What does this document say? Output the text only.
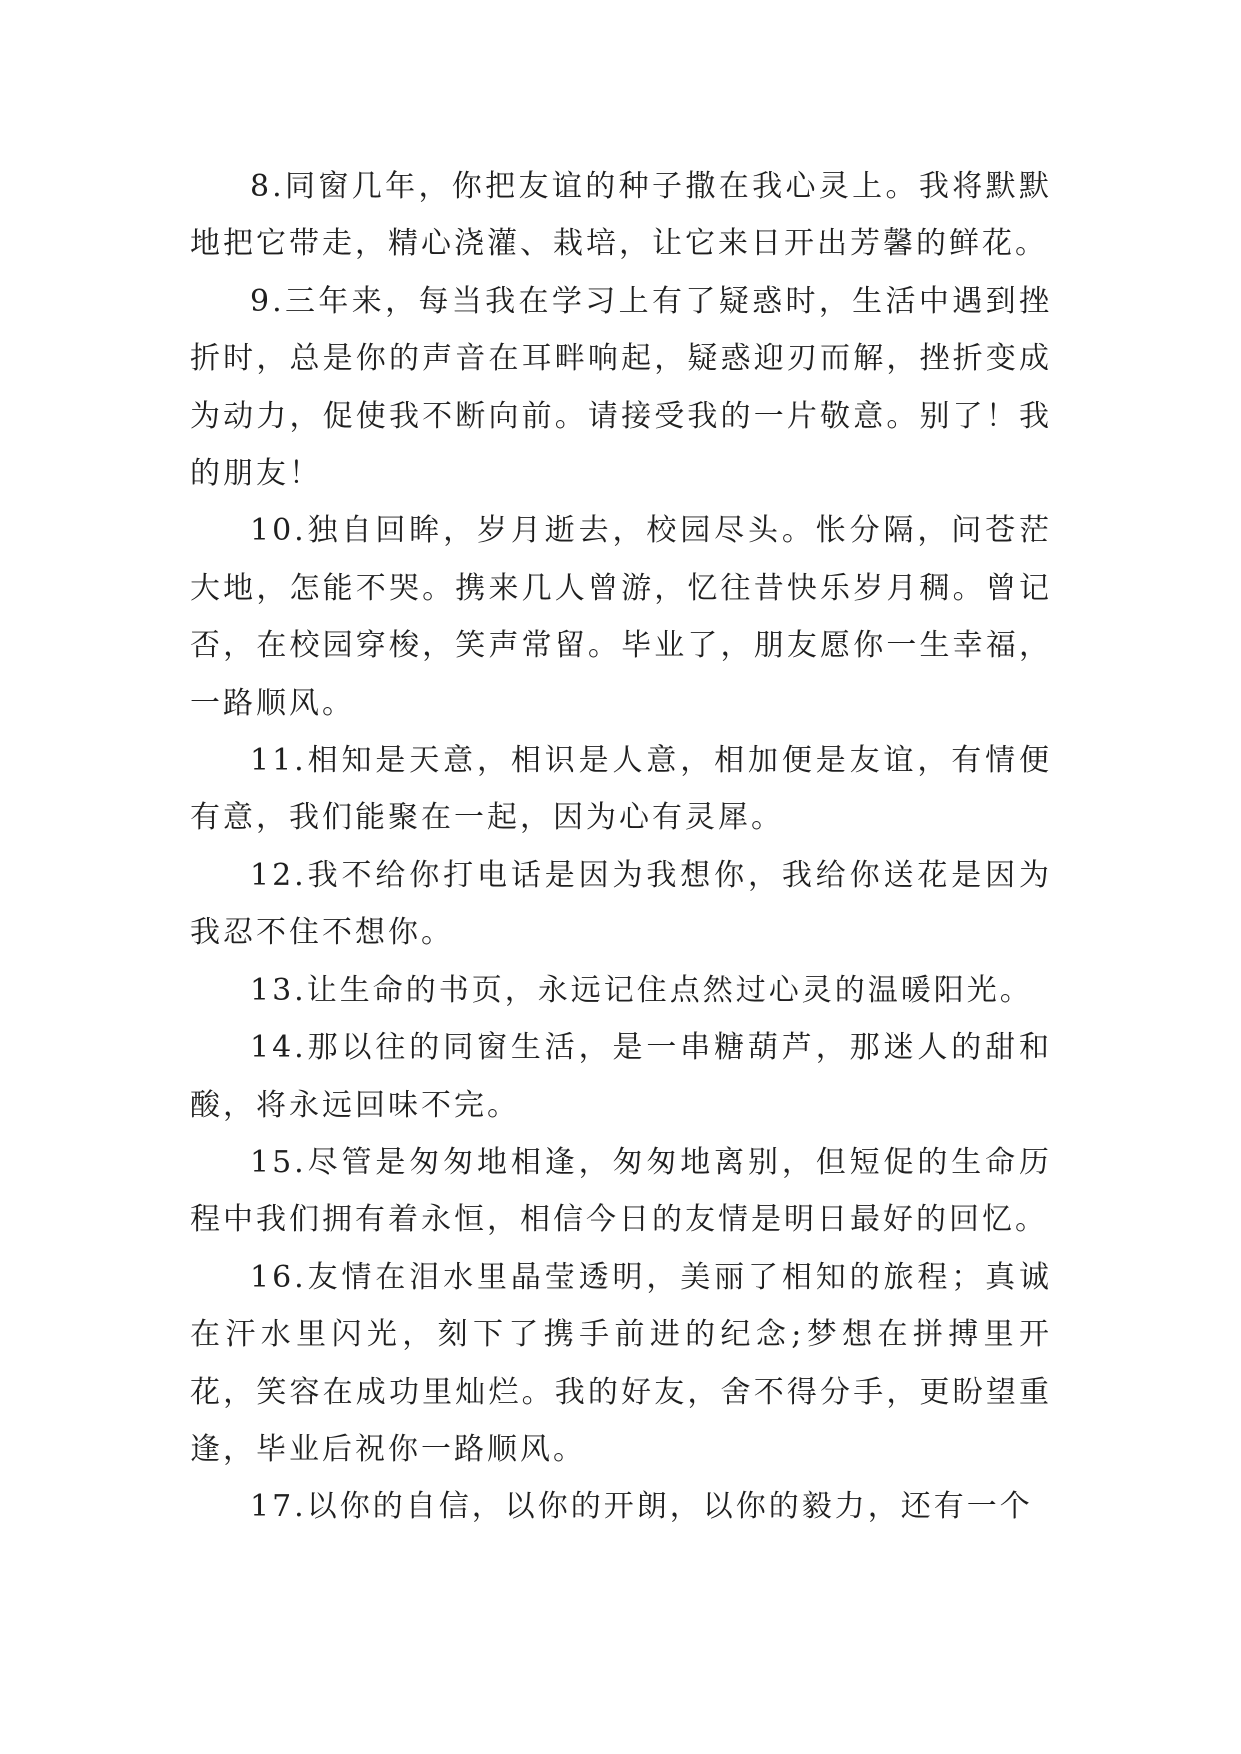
8.同窗几年，你把友谊的种子撒在我心灵上。我将默默地把它带走，精心浇灌、栽培，让它来日开出芳馨的鲜花。

9.三年来，每当我在学习上有了疑惑时，生活中遇到挫折时，总是你的声音在耳畔响起，疑惑迎刃而解，挫折变成为动力，促使我不断向前。请接受我的一片敬意。别了！我的朋友！

10.独自回眸，岁月逝去，校园尽头。怅分隔，问苍茫大地，怎能不哭。携来几人曾游，忆往昔快乐岁月稠。曾记否，在校园穿梭，笑声常留。毕业了，朋友愿你一生幸福，一路顺风。

11.相知是天意，相识是人意，相加便是友谊，有情便有意，我们能聚在一起，因为心有灵犀。

12.我不给你打电话是因为我想你，我给你送花是因为我忍不住不想你。

13.让生命的书页，永远记住点然过心灵的温暖阳光。

14.那以往的同窗生活，是一串糖葫芦，那迷人的甜和酸，将永远回味不完。

15.尽管是匆匆地相逢，匆匆地离别，但短促的生命历程中我们拥有着永恒，相信今日的友情是明日最好的回忆。

16.友情在泪水里晶莹透明，美丽了相知的旅程；真诚在汗水里闪光，刻下了携手前进的纪念;梦想在拼搏里开花，笑容在成功里灿烂。我的好友，舍不得分手，更盼望重逢，毕业后祝你一路顺风。

17.以你的自信，以你的开朗，以你的毅力，还有一个
